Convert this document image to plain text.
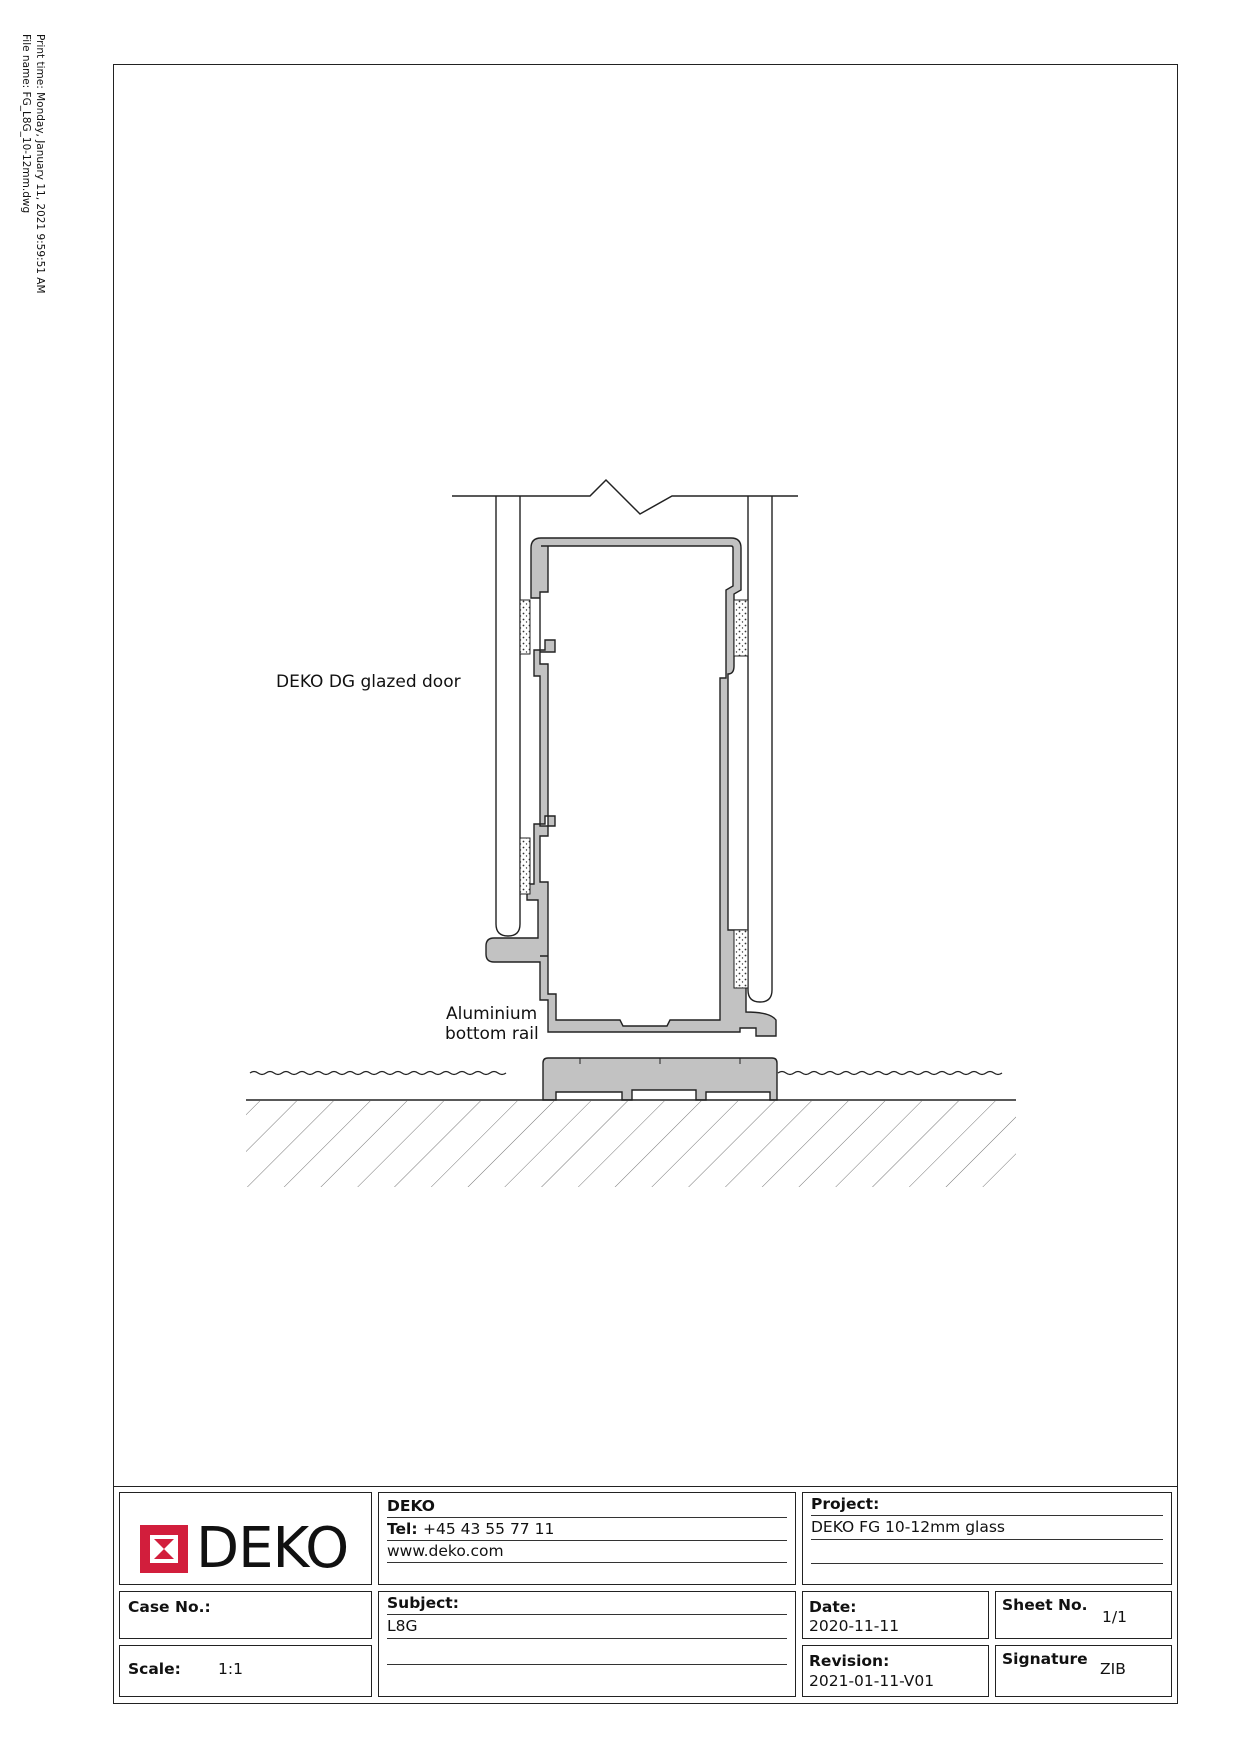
Print time: Monday, January 11, 2021 9:59:51 AM
File name: FG_L8G_10-12mm.dwg
DEKO DG glazed door
Aluminium
bottom rail
DEKO
DEKO
Tel: +45 43 55 77 11
www.deko.com
Project:
DEKO FG 10-12mm glass
Case No.:
Scale: 1:1
Subject:
L8G
Date:
2020-11-11
Sheet No.
1/1
Revision:
2021-01-11-V01
Signature
ZIB
